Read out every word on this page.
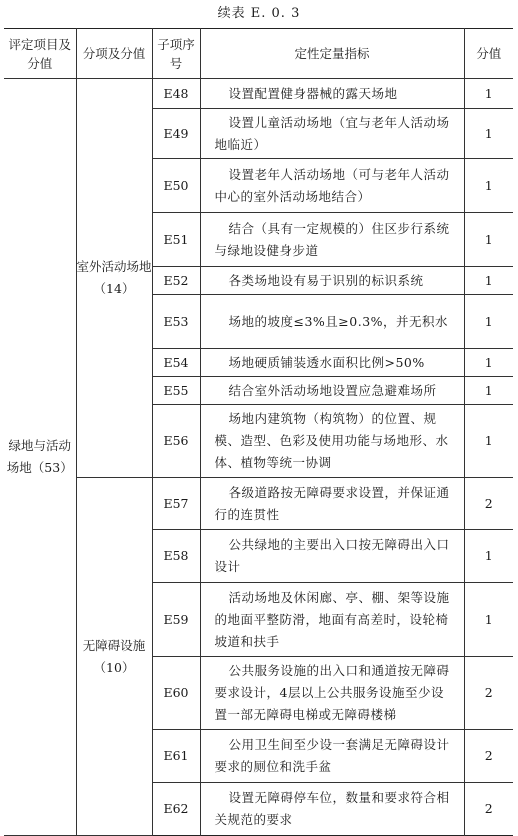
续表 E. 0. 3
评定项目及分值	分项及分值	子项序号	定性定量指标	分值
绿地与活动场地（53）	室外活动场地（14）	E48	设置配置健身器械的露天场地	1
		E49	设置儿童活动场地（宜与老年人活动场地临近）	1
		E50	设置老年人活动场地（可与老年人活动中心的室外活动场地结合）	1
		E51	结合（具有一定规模的）住区步行系统与绿地设健身步道	1
		E52	各类场地设有易于识别的标识系统	1
		E53	场地的坡度≤3%且≥0.3%，并无积水	1
		E54	场地硬质铺装透水面积比例>50%	1
		E55	结合室外活动场地设置应急避难场所	1
		E56	场地内建筑物（构筑物）的位置、规模、造型、色彩及使用功能与场地形、水体、植物等统一协调	1
	无障碍设施（10）	E57	各级道路按无障碍要求设置，并保证通行的连贯性	2
		E58	公共绿地的主要出入口按无障碍出入口设计	1
		E59	活动场地及休闲廊、亭、棚、架等设施的地面平整防滑，地面有高差时，设轮椅坡道和扶手	1
		E60	公共服务设施的出入口和通道按无障碍要求设计，4层以上公共服务设施至少设置一部无障碍电梯或无障碍楼梯	2
		E61	公用卫生间至少设一套满足无障碍设计要求的厕位和洗手盆	2
		E62	设置无障碍停车位，数量和要求符合相关规范的要求	2
